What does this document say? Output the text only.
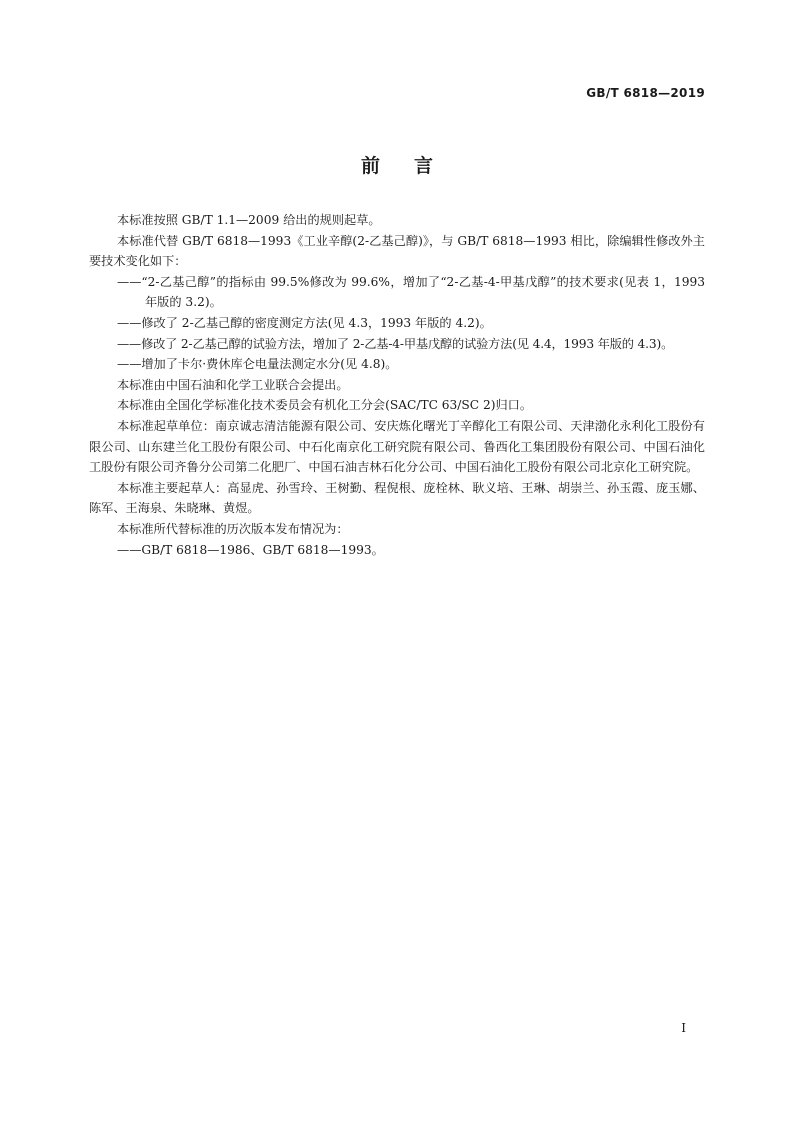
GB/T 6818—2019
前言

本标准按照 GB/T 1.1—2009 给出的规则起草。

本标准代替 GB/T 6818—1993《工业辛醇(2-乙基己醇)》，与 GB/T 6818—1993 相比，除编辑性修改外主要技术变化如下：

——“2-乙基己醇”的指标由 99.5%修改为 99.6%，增加了“2-乙基-4-甲基戊醇”的技术要求(见表 1，1993 年版的 3.2)。

——修改了 2-乙基己醇的密度测定方法(见 4.3，1993 年版的 4.2)。

——修改了 2-乙基己醇的试验方法，增加了 2-乙基-4-甲基戊醇的试验方法(见 4.4，1993 年版的 4.3)。

——增加了卡尔·费休库仑电量法测定水分(见 4.8)。

本标准由中国石油和化学工业联合会提出。

本标准由全国化学标准化技术委员会有机化工分会(SAC/TC 63/SC 2)归口。

本标准起草单位：南京诚志清洁能源有限公司、安庆炼化曙光丁辛醇化工有限公司、天津渤化永利化工股份有限公司、山东建兰化工股份有限公司、中石化南京化工研究院有限公司、鲁西化工集团股份有限公司、中国石油化工股份有限公司齐鲁分公司第二化肥厂、中国石油吉林石化分公司、中国石油化工股份有限公司北京化工研究院。

本标准主要起草人：高显虎、孙雪玲、王树勤、程倪根、庞栓林、耿义培、王琳、胡崇兰、孙玉霞、庞玉娜、陈军、王海泉、朱晓琳、黄煜。

本标准所代替标准的历次版本发布情况为：

——GB/T 6818—1986、GB/T 6818—1993。

I
